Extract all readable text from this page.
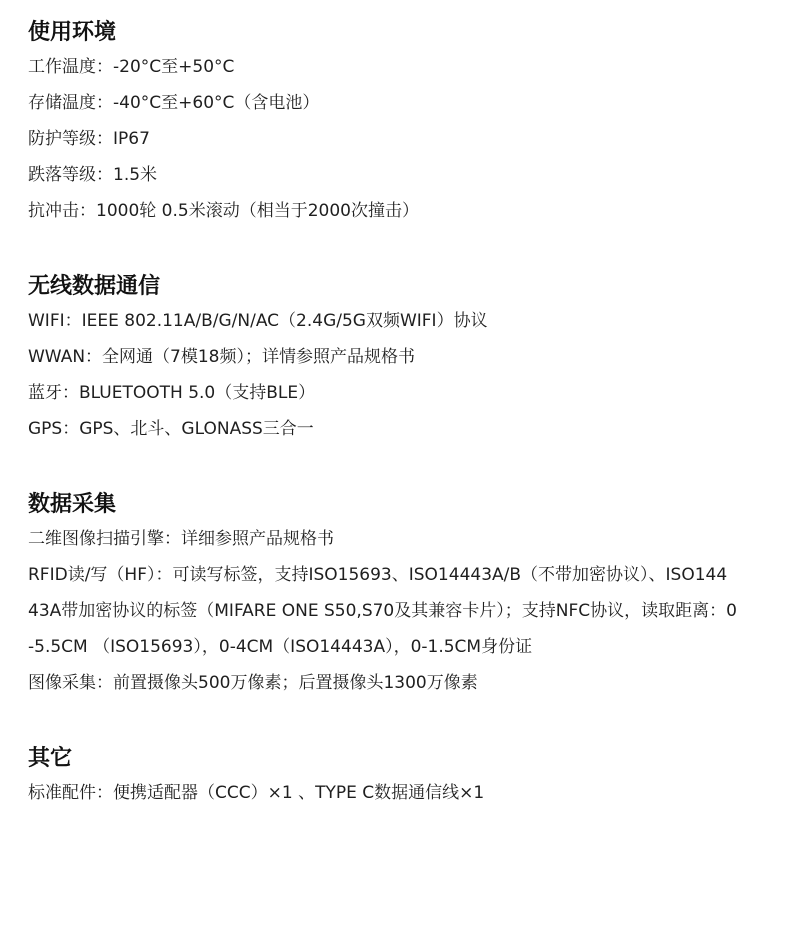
使用环境
工作温度：-20°C至+50°C
存储温度：-40°C至+60°C（含电池）
防护等级：IP67
跌落等级：1.5米
抗冲击：1000轮 0.5米滚动（相当于2000次撞击）
无线数据通信
WIFI：IEEE 802.11A/B/G/N/AC（2.4G/5G双频WIFI）协议
WWAN：全网通（7模18频）；详情参照产品规格书
蓝牙：BLUETOOTH 5.0（支持BLE）
GPS：GPS、北斗、GLONASS三合一
数据采集
二维图像扫描引擎：详细参照产品规格书
RFID读/写（HF）：可读写标签，支持ISO15693、ISO14443A/B（不带加密协议）、ISO144
43A带加密协议的标签（MIFARE ONE S50,S70及其兼容卡片）；支持NFC协议，读取距离：0
-5.5CM （ISO15693），0-4CM（ISO14443A），0-1.5CM身份证
图像采集：前置摄像头500万像素；后置摄像头1300万像素
其它
标准配件：便携适配器（CCC）×1 、TYPE C数据通信线×1
